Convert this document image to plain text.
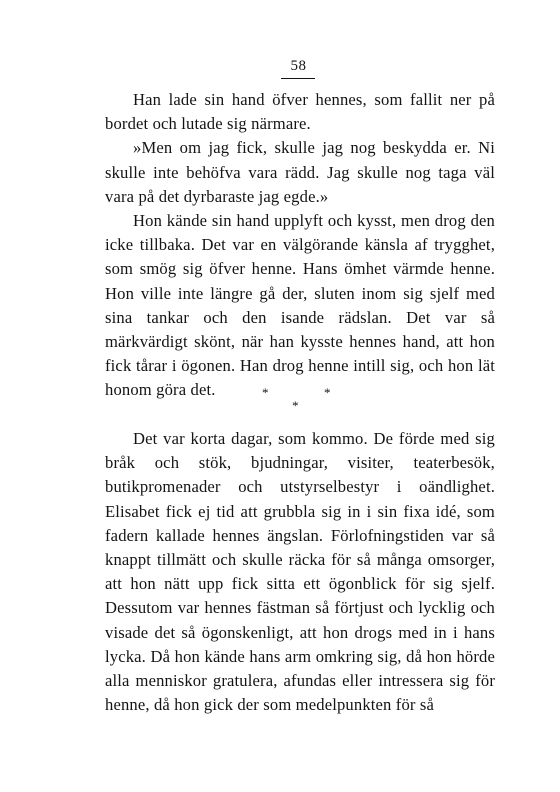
58

Han lade sin hand öfver hennes, som fallit ner på bordet och lutade sig närmare.

»Men om jag fick, skulle jag nog beskydda er. Ni skulle inte behöfva vara rädd. Jag skulle nog taga väl vara på det dyrbaraste jag egde.»

Hon kände sin hand upplyft och kysst, men drog den icke tillbaka. Det var en välgörande känsla af trygghet, som smög sig öfver henne. Hans ömhet värmde henne. Hon ville inte längre gå der, sluten inom sig sjelf med sina tankar och den isande rädslan. Det var så märkvärdigt skönt, när han kysste hennes hand, att hon fick tårar i ögonen. Han drog henne intill sig, och hon lät honom göra det.	*	*
*

Det var korta dagar, som kommo. De förde med sig bråk och stök, bjudningar, visiter, teaterbesök, butikpromenader och utstyrselbestyr i oändlighet. Elisabet fick ej tid att grubbla sig in i sin fixa idé, som fadern kallade hennes ängslan. Förlofningstiden var så knappt tillmätt och skulle räcka för så många omsorger, att hon nätt upp fick sitta ett ögonblick för sig sjelf. Dessutom var hennes fästman så förtjust och lycklig och visade det så ögonskenligt, att hon drogs med in i hans lycka. Då hon kände hans arm omkring sig, då hon hörde alla menniskor gratulera, afundas eller intressera sig för henne, då hon gick der som medelpunkten för så
